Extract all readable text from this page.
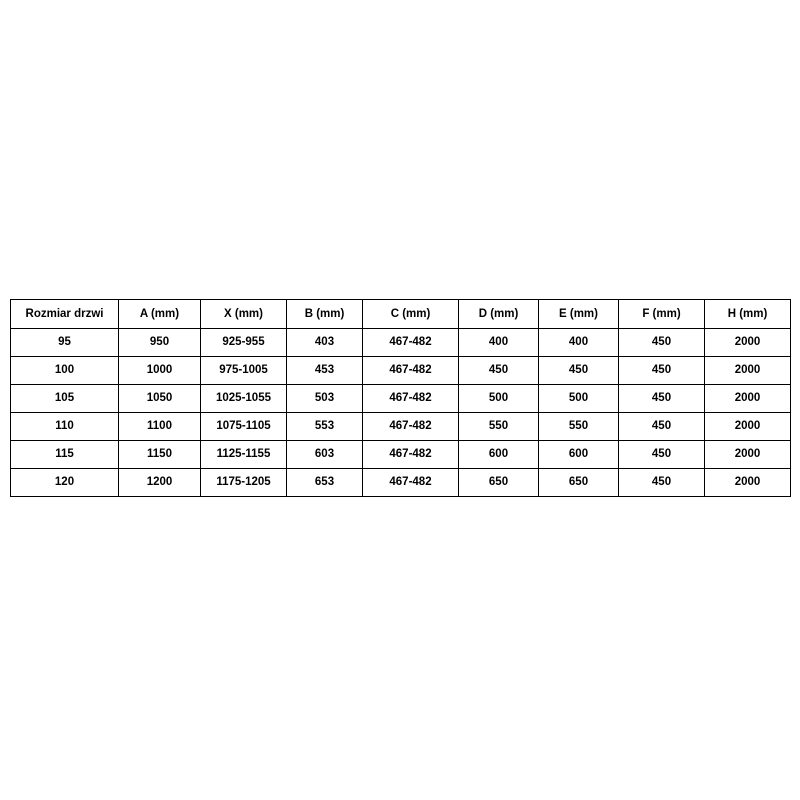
Rozmiar drzwi	A (mm)	X (mm)	B (mm)	C (mm)	D (mm)	E (mm)	F (mm)	H (mm)
95	950	925-955	403	467-482	400	400	450	2000
100	1000	975-1005	453	467-482	450	450	450	2000
105	1050	1025-1055	503	467-482	500	500	450	2000
110	1100	1075-1105	553	467-482	550	550	450	2000
115	1150	1125-1155	603	467-482	600	600	450	2000
120	1200	1175-1205	653	467-482	650	650	450	2000
